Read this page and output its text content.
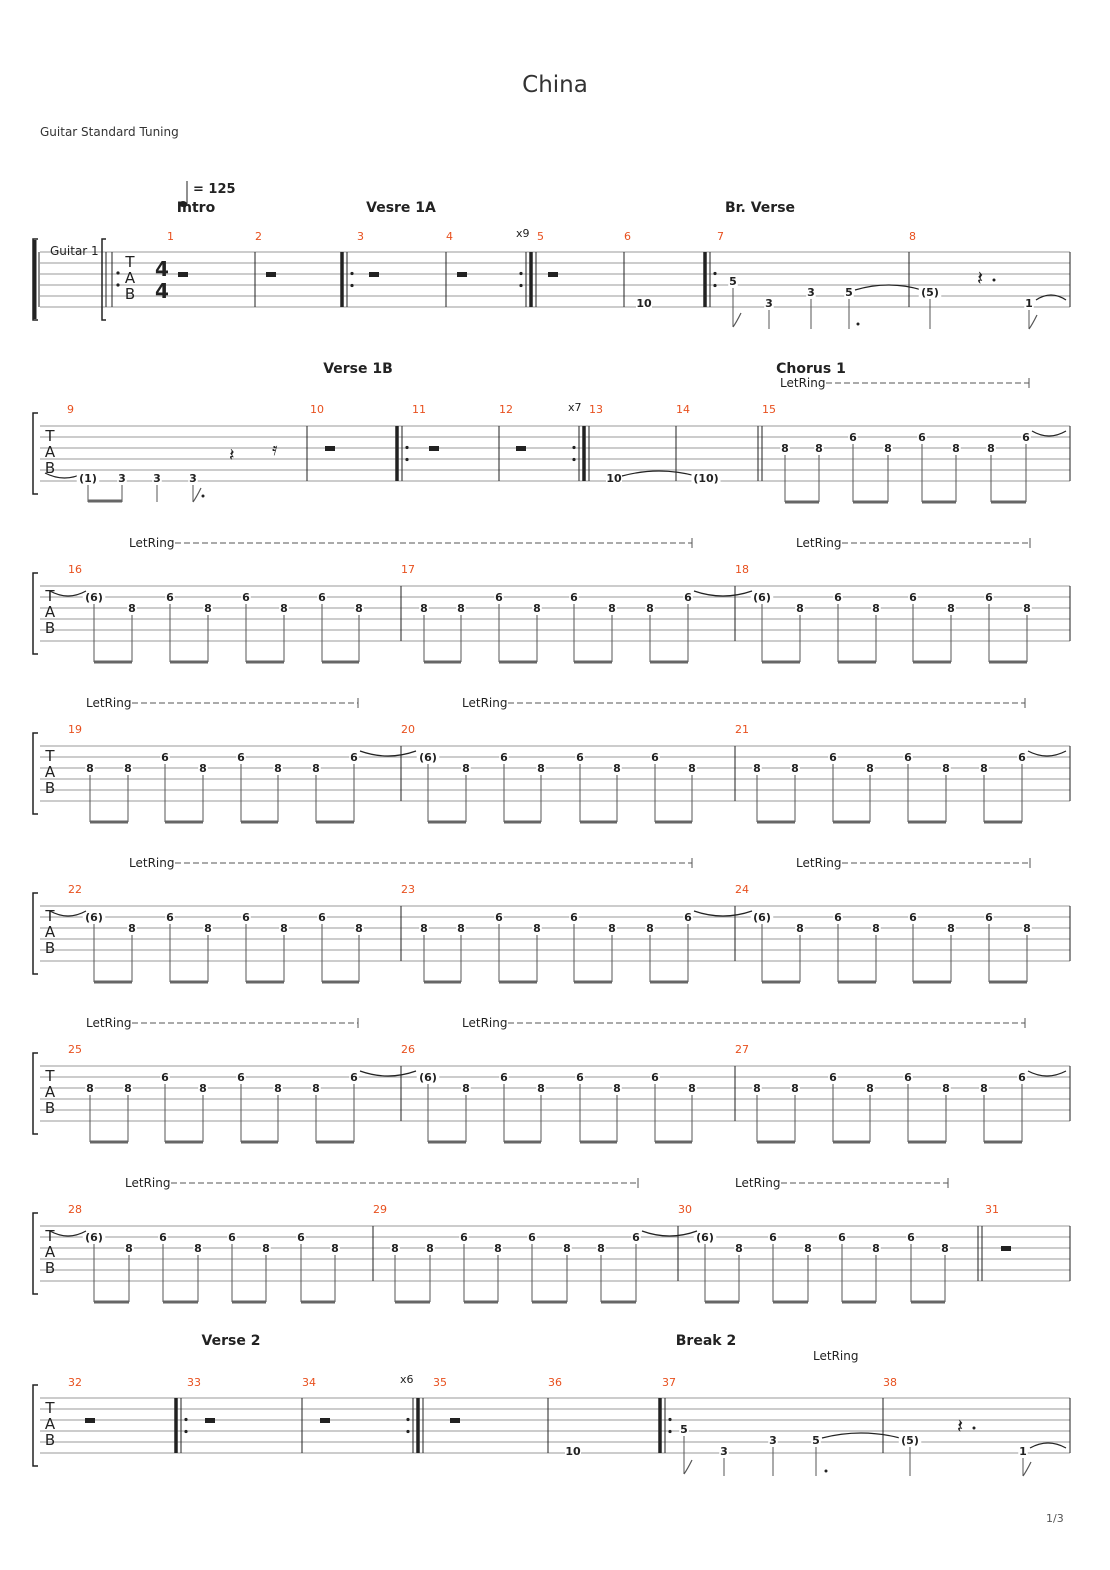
China
Guitar Standard Tuning
1/3
T
A
B
Guitar 1
4
4
= 125
Intro	Vesre 1A	Br. Verse
1	2	3	4	5	6	7	8
x9
10
5
3
3	5	(5)
𝄽
1
T
A
B
Verse 1B	Chorus 1
LetRing
9	10	11	12	13	14	15
x7
(1) 3 3	3
𝄽 𝄿
10	(10)
8 8
6
8
6
8 8
6
T
A
B
LetRing	LetRing
16	17	18
(6)
8
6
8
6
8
6
8	8	8
6
8
6
8	8
6	(6)
8
6
8
6
8
6
8
T
A
B
LetRing	LetRing
19	20	21
8	8
6
8
6
8	8
6	(6)
8
6
8
6
8
6
8	8	8
6
8
6
8	8
6
T
A
B
LetRing	LetRing
22	23	24
(6)
8
6
8
6
8
6
8	8	8
6
8
6
8	8
6	(6)
8
6
8
6
8
6
8
T
A
B
LetRing	LetRing
25	26	27
8	8
6
8
6
8	8
6	(6)
8
6
8
6
8
6
8	8	8
6
8
6
8	8
6
T
A
B
LetRing	LetRing
28	29	30
(6)
8
6
8
6
8
6
8	8 8
6
8
6
8 8
6	(6)
8
6
8
6
8
6
8
31
T
A
B
Verse 2	Break 2
LetRing
32	33	34	35	36	37	38
x6
10
5
3
3	5	(5)
𝄽
1
